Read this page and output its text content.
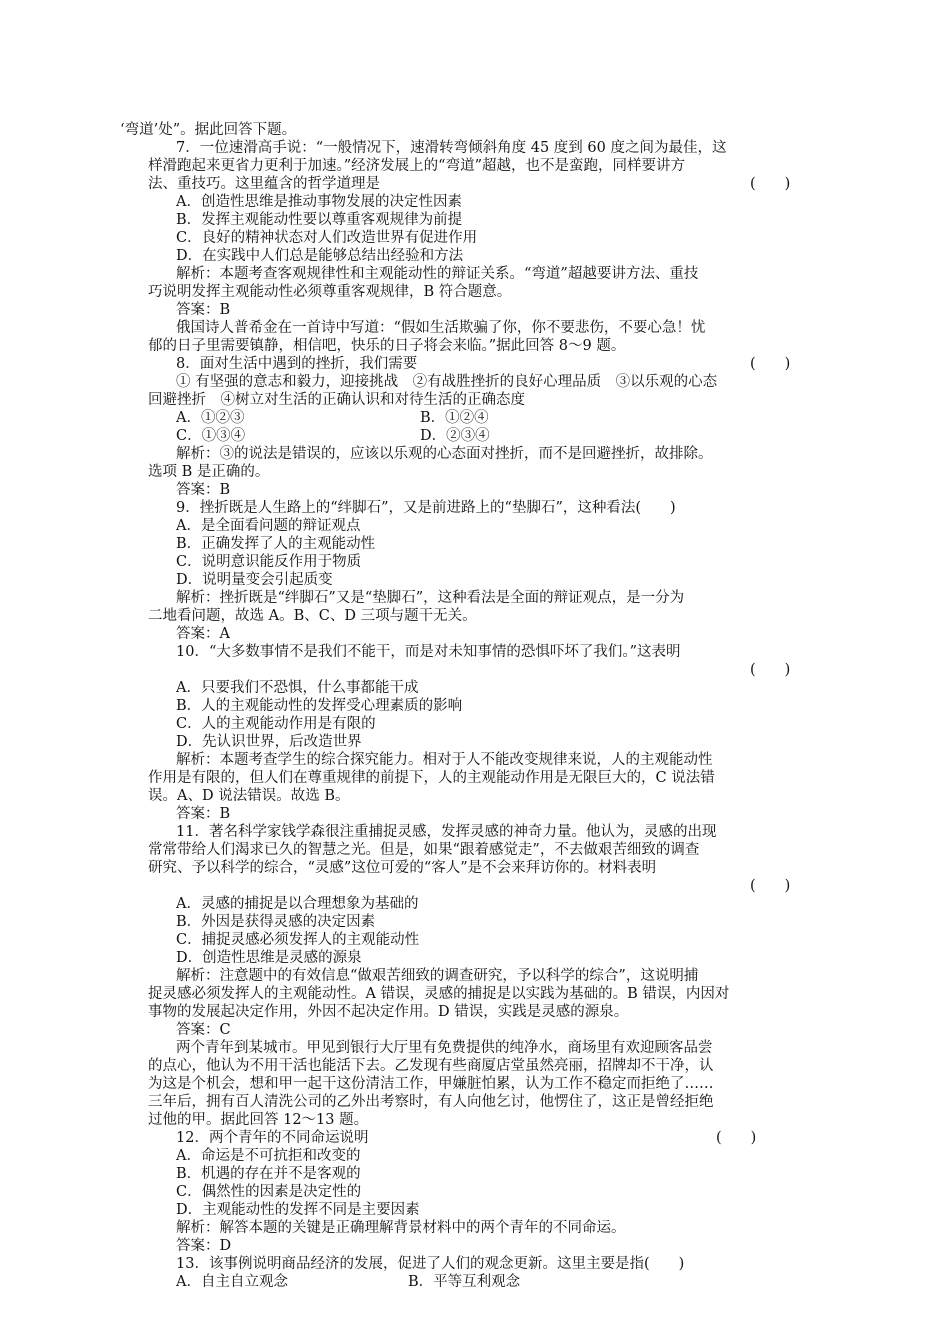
‘弯道’处”。据此回答下题。
7．一位速滑高手说：“一般情况下，速滑转弯倾斜角度 45 度到 60 度之间为最佳，这
样滑跑起来更省力更利于加速。”经济发展上的“弯道”超越，也不是蛮跑，同样要讲方
法、重技巧。这里蕴含的哲学道理是	(　　)
A．创造性思维是推动事物发展的决定性因素
B．发挥主观能动性要以尊重客观规律为前提
C．良好的精神状态对人们改造世界有促进作用
D．在实践中人们总是能够总结出经验和方法
解析：本题考查客观规律性和主观能动性的辩证关系。“弯道”超越要讲方法、重技
巧说明发挥主观能动性必须尊重客观规律，B 符合题意。
答案：B
俄国诗人普希金在一首诗中写道：“假如生活欺骗了你，你不要悲伤，不要心急！忧
郁的日子里需要镇静，相信吧，快乐的日子将会来临。”据此回答 8～9 题。
8．面对生活中遇到的挫折，我们需要	(　　)
① 有坚强的意志和毅力，迎接挑战　②有战胜挫折的良好心理品质　③以乐观的心态
回避挫折　④树立对生活的正确认识和对待生活的正确态度
A．①②③	B．①②④
C．①③④	D．②③④
解析：③的说法是错误的，应该以乐观的心态面对挫折，而不是回避挫折，故排除。
选项 B 是正确的。
答案：B
9．挫折既是人生路上的“绊脚石”，又是前进路上的“垫脚石”，这种看法(　　)
A．是全面看问题的辩证观点
B．正确发挥了人的主观能动性
C．说明意识能反作用于物质
D．说明量变会引起质变
解析：挫折既是“绊脚石”又是“垫脚石”，这种看法是全面的辩证观点，是一分为
二地看问题，故选 A。B、C、D 三项与题干无关。
答案：A
10．“大多数事情不是我们不能干，而是对未知事情的恐惧吓坏了我们。”这表明
(　　)
A．只要我们不恐惧，什么事都能干成
B．人的主观能动性的发挥受心理素质的影响
C．人的主观能动作用是有限的
D．先认识世界，后改造世界
解析：本题考查学生的综合探究能力。相对于人不能改变规律来说，人的主观能动性
作用是有限的，但人们在尊重规律的前提下，人的主观能动作用是无限巨大的，C 说法错
误。A、D 说法错误。故选 B。
答案：B
11．著名科学家钱学森很注重捕捉灵感，发挥灵感的神奇力量。他认为，灵感的出现
常常带给人们渴求已久的智慧之光。但是，如果“跟着感觉走”，不去做艰苦细致的调查
研究、予以科学的综合，“灵感”这位可爱的“客人”是不会来拜访你的。材料表明
(　　)
A．灵感的捕捉是以合理想象为基础的
B．外因是获得灵感的决定因素
C．捕捉灵感必须发挥人的主观能动性
D．创造性思维是灵感的源泉
解析：注意题中的有效信息“做艰苦细致的调查研究，予以科学的综合”，这说明捕
捉灵感必须发挥人的主观能动性。A 错误，灵感的捕捉是以实践为基础的。B 错误，内因对
事物的发展起决定作用，外因不起决定作用。D 错误，实践是灵感的源泉。
答案：C
两个青年到某城市。甲见到银行大厅里有免费提供的纯净水，商场里有欢迎顾客品尝
的点心，他认为不用干活也能活下去。乙发现有些商厦店堂虽然亮丽，招牌却不干净，认
为这是个机会，想和甲一起干这份清洁工作，甲嫌脏怕累，认为工作不稳定而拒绝了……
三年后，拥有百人清洗公司的乙外出考察时，有人向他乞讨，他愣住了，这正是曾经拒绝
过他的甲。据此回答 12～13 题。
12．两个青年的不同命运说明	(　　)
A．命运是不可抗拒和改变的
B．机遇的存在并不是客观的
C．偶然性的因素是决定性的
D．主观能动性的发挥不同是主要因素
解析：解答本题的关键是正确理解背景材料中的两个青年的不同命运。
答案：D
13．该事例说明商品经济的发展，促进了人们的观念更新。这里主要是指(　　)
A．自主自立观念	B．平等互利观念
